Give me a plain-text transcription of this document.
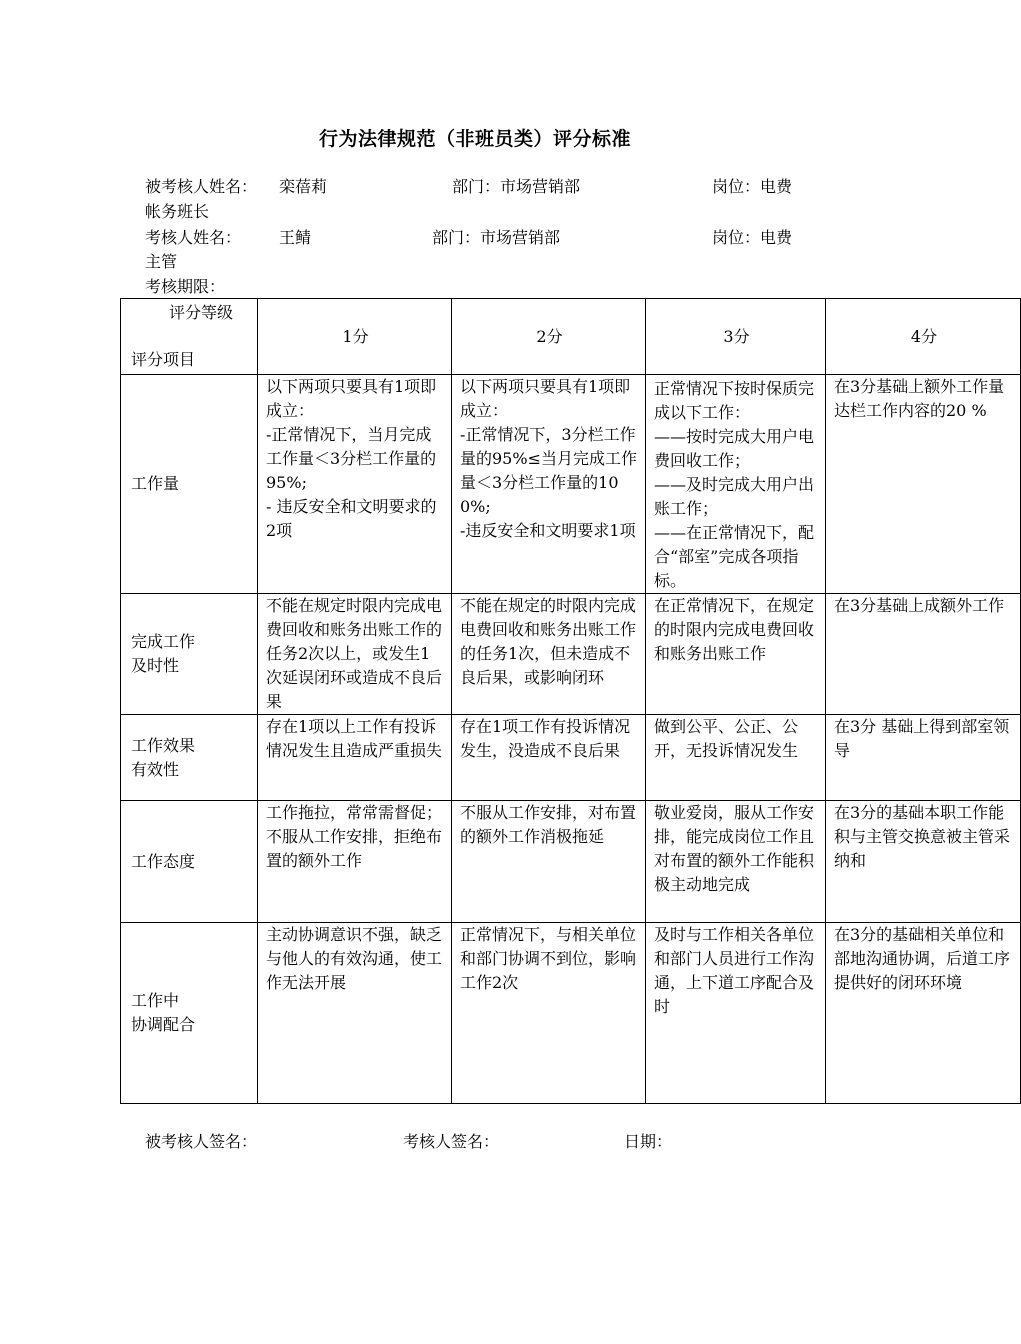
行为法律规范（非班员类）评分标准
被考核人姓名： 栾蓓莉	部门：市场营销部	岗位：电费
帐务班长
考核人姓名： 王鲭	部门：市场营销部	岗位：电费
主管
考核期限：
评分等级
评分项目	1分	2分	3分	4分

工作量	以下两项只要具有1项即成立：
-正常情况下，当月完成工作量＜3分栏工作量的95%;
- 违反安全和文明要求的2项	以下两项只要具有1项即成立：
-正常情况下，3分栏工作量的95%≤当月完成工作量＜3分栏工作量的100%;
-违反安全和文明要求1项	正常情况下按时保质完成以下工作：
——按时完成大用户电费回收工作；
——及时完成大用户出账工作；
——在正常情况下，配合“部室”完成各项指标。	在3分基础上额外工作量达栏工作内容的20 %

完成工作
及时性	不能在规定时限内完成电费回收和账务出账工作的任务2次以上，或发生1次延误闭环或造成不良后果	不能在规定的时限内完成电费回收和账务出账工作的任务1次，但未造成不良后果，或影响闭环	在正常情况下，在规定的时限内完成电费回收和账务出账工作	在3分基础上成额外工作

工作效果
有效性	存在1项以上工作有投诉情况发生且造成严重损失	存在1项工作有投诉情况发生，没造成不良后果	做到公平、公正、公开，无投诉情况发生	在3分 基础上得到部室领导

工作态度	工作拖拉，常常需督促；不服从工作安排，拒绝布置的额外工作	不服从工作安排，对布置的额外工作消极拖延	敬业爱岗，服从工作安排，能完成岗位工作且对布置的额外工作能积极主动地完成	在3分的基础本职工作能积与主管交换意被主管采纳和

工作中
协调配合	主动协调意识不强，缺乏与他人的有效沟通，使工作无法开展	正常情况下，与相关单位和部门协调不到位，影响工作2次	及时与工作相关各单位和部门人员进行工作沟通，上下道工序配合及时	在3分的基础相关单位和部地沟通协调，后道工序提供好的闭环环境
被考核人签名：	考核人签名：	日期：
